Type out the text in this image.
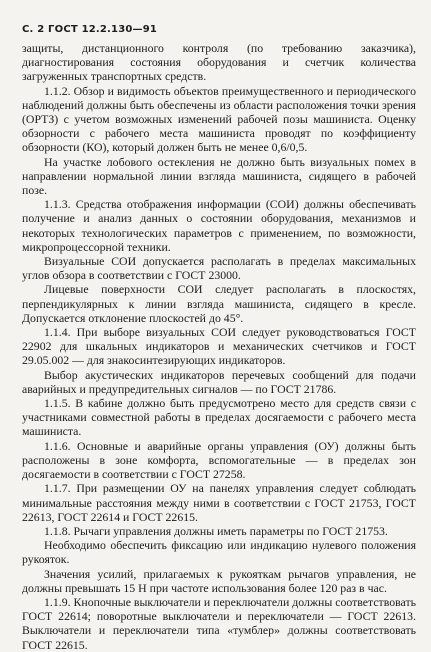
С. 2 ГОСТ 12.2.130—91

защиты, дистанционного контроля (по требованию заказчика), диагностирования состояния оборудования и счетчик количества загруженных транспортных средств.

1.1.2. Обзор и видимость объектов преимущественного и периодического наблюдений должны быть обеспечены из области расположения точки зрения (ОРТЗ) с учетом возможных изменений рабочей позы машиниста. Оценку обзорности с рабочего места машиниста проводят по коэффициенту обзорности (КО), который должен быть не менее 0,6/0,5.

На участке лобового остекления не должно быть визуальных помех в направлении нормальной линии взгляда машиниста, сидящего в рабочей позе.

1.1.3. Средства отображения информации (СОИ) должны обеспечивать получение и анализ данных о состоянии оборудования, механизмов и некоторых технологических параметров с применением, по возможности, микропроцессорной техники.

Визуальные СОИ допускается располагать в пределах максимальных углов обзора в соответствии с ГОСТ 23000.

Лицевые поверхности СОИ следует располагать в плоскостях, перпендикулярных к линии взгляда машиниста, сидящего в кресле. Допускается отклонение плоскостей до 45°.

1.1.4. При выборе визуальных СОИ следует руководствоваться ГОСТ 22902 для шкальных индикаторов и механических счетчиков и ГОСТ 29.05.002 — для знакосинтезирующих индикаторов.

Выбор акустических индикаторов перечевых сообщений для подачи аварийных и предупредительных сигналов — по ГОСТ 21786.

1.1.5. В кабине должно быть предусмотрено место для средств связи с участниками совместной работы в пределах досягаемости с рабочего места машиниста.

1.1.6. Основные и аварийные органы управления (ОУ) должны быть расположены в зоне комфорта, вспомогательные — в пределах зон досягаемости в соответствии с ГОСТ 27258.

1.1.7. При размещении ОУ на панелях управления следует соблюдать минимальные расстояния между ними в соответствии с ГОСТ 21753, ГОСТ 22613, ГОСТ 22614 и ГОСТ 22615.

1.1.8. Рычаги управления должны иметь параметры по ГОСТ 21753.

Необходимо обеспечить фиксацию или индикацию нулевого положения рукояток.

Значения усилий, прилагаемых к рукояткам рычагов управления, не должны превышать 15 Н при частоте использования более 120 раз в час.

1.1.9. Кнопочные выключатели и переключатели должны соответствовать ГОСТ 22614; поворотные выключатели и переключатели — ГОСТ 22613. Выключатели и переключатели типа «тумблер» должны соответствовать ГОСТ 22615.
